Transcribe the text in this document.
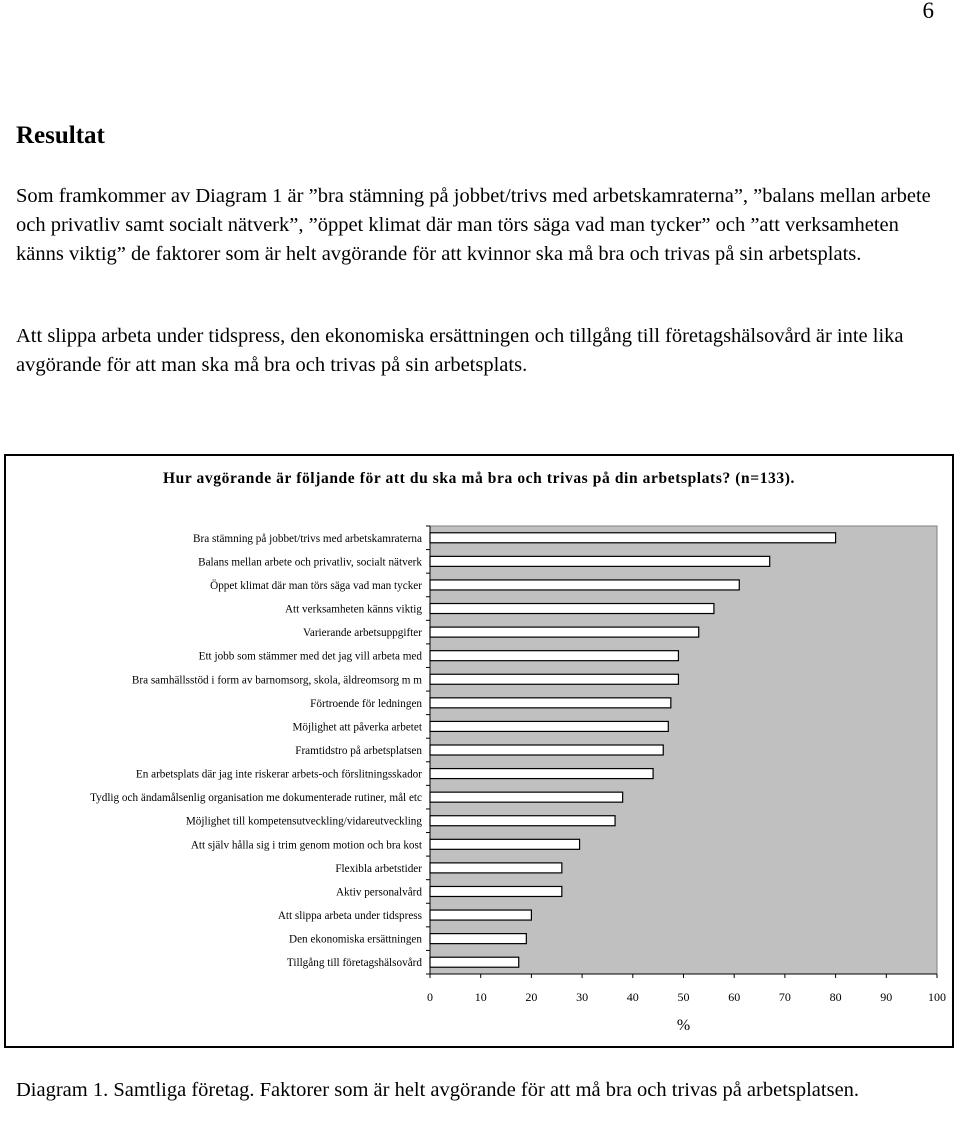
6
Resultat

Som framkommer av Diagram 1 är ”bra stämning på jobbet/trivs med arbetskamraterna”, ”balans mellan arbete och privatliv samt socialt nätverk”, ”öppet klimat där man törs säga vad man tycker” och ”att verksamheten känns viktig” de faktorer som är helt avgörande för att kvinnor ska må bra och trivas på sin arbetsplats.

Att slippa arbeta under tidspress, den ekonomiska ersättningen och tillgång till företagshälsovård är inte lika avgörande för att man ska må bra och trivas på sin arbetsplats.

Hur avgörande är följande för att du ska må bra och trivas på din arbetsplats? (n=133).
Bra stämning på jobbet/trivs med arbetskamraterna
Balans mellan arbete och privatliv, socialt nätverk
Öppet klimat där man törs säga vad man tycker
Att verksamheten känns viktig
Varierande arbetsuppgifter
Ett jobb som stämmer med det jag vill arbeta med
Bra samhällsstöd i form av barnomsorg, skola, äldreomsorg m m
Förtroende för ledningen
Möjlighet att påverka arbetet
Framtidstro på arbetsplatsen
En arbetsplats där jag inte riskerar arbets-och förslitningsskador
Tydlig och ändamålsenlig organisation me dokumenterade rutiner, mål etc
Möjlighet till kompetensutveckling/vidareutveckling
Att själv hålla sig i trim genom motion och bra kost
Flexibla arbetstider
Aktiv personalvård
Att slippa arbeta under tidspress
Den ekonomiska ersättningen
Tillgång till företagshälsovård
0	10	20	30	40	50	60	70	80	90	100
%

Diagram 1. Samtliga företag. Faktorer som är helt avgörande för att må bra och trivas på arbetsplatsen.
